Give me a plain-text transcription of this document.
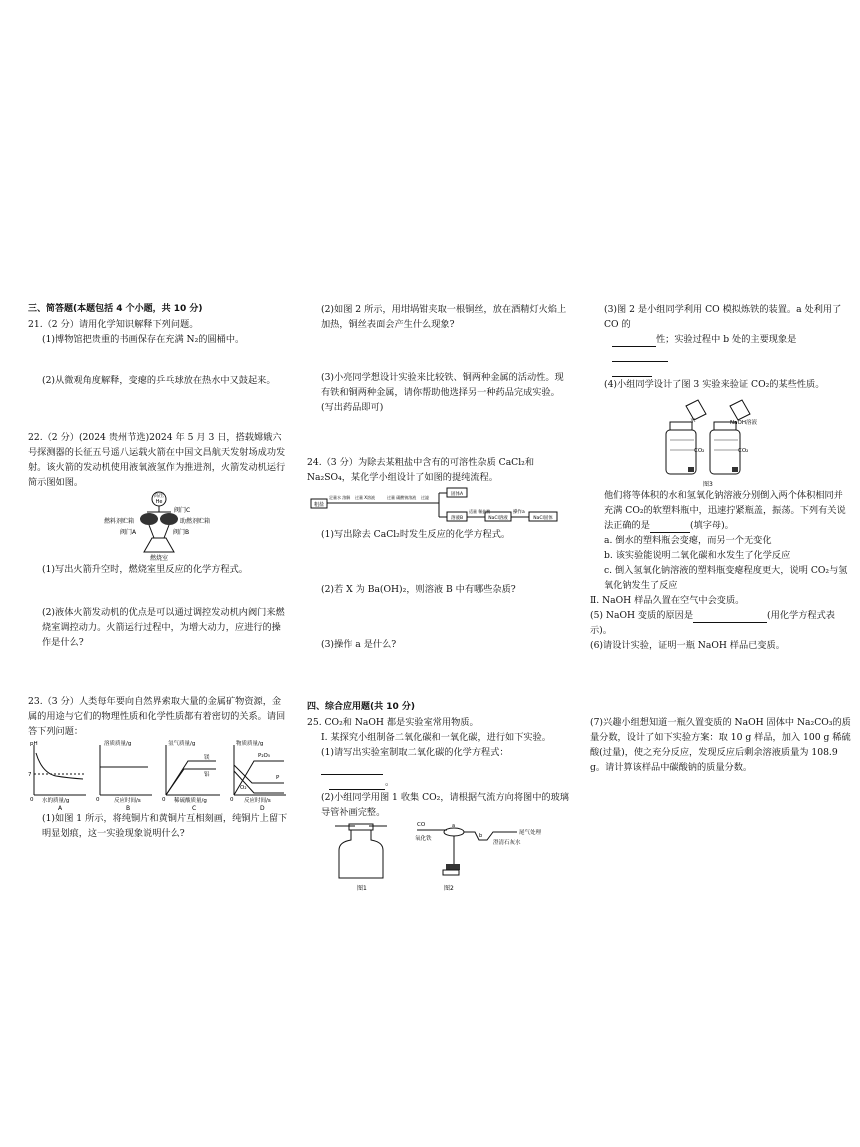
三、简答题(本题包括 4 个小题，共 10 分)

21.（2 分）请用化学知识解释下列问题。

(1)博物馆把贵重的书画保存在充满 N₂的圆桶中。

(2)从微观角度解释，变瘪的乒乓球放在热水中又鼓起来。

22.（2 分）(2024 贵州节选)2024 年 5 月 3 日，搭载嫦娥六号探测器的长征五号遥八运载火箭在中国文昌航天发射场成功发射。该火箭的发动机使用液氧液氢作为推进剂，火箭发动机运行简示图如图。

高压
He
阀门C
燃料剂贮箱	助燃剂贮箱
阀门A	阀门B
燃烧室

(1)写出火箭升空时，燃烧室里反应的化学方程式。

(2)液体火箭发动机的优点是可以通过调控发动机内阀门来燃烧室调控动力。火箭运行过程中，为增大动力，应进行的操作是什么?

23.（3 分）人类每年要向自然界索取大量的金属矿物资源，金属的用途与它们的物理性质和化学性质都有着密切的关系。请回答下列问题：

pH
7
0 水的质量/g
A
溶质质量/g
0	反应时间/s
B
氢气质量/g
镁
铝
0 稀硫酸质量/g
C
物质质量/g
P₂O₅
P
O₂
0 反应时间/s
D

(1)如图 1 所示，将纯铜片和黄铜片互相刻画，纯铜片上留下明显划痕，这一实验现象说明什么?

(2)如图 2 所示，用坩埚钳夹取一根铜丝，放在酒精灯火焰上加热，铜丝表面会产生什么现象?

(3)小亮同学想设计实验来比较铁、铜两种金属的活动性。现有铁和铜两种金属，请你帮助他选择另一种药品完成实验。(写出药品即可)

24.（3 分）为除去某粗盐中含有的可溶性杂质 CaCl₂和 Na₂SO₄，某化学小组设计了如图的提纯流程。

粗盐
足量水 溶解 过量 X溶液	过量 碳酸钠溶液 过滤
固体A
溶液B
适量 稀盐酸
NaCl溶液
操作a
NaCl固体

(1)写出除去 CaCl₂时发生反应的化学方程式。

(2)若 X 为 Ba(OH)₂，则溶液 B 中有哪些杂质?

(3)操作 a 是什么?

四、综合应用题(共 10 分)

25. CO₂和 NaOH 都是实验室常用物质。

Ⅰ. 某探究小组制备二氧化碳和一氧化碳，进行如下实验。

(1)请写出实验室制取二氧化碳的化学方程式：

。

(2)小组同学用图 1 收集 CO₂，请根据气流方向将图中的玻璃导管补画完整。

图1
CO	a
b	尾气处理
氧化铁
澄清石灰水
图2

(3)图 2 是小组同学利用 CO 模拟炼铁的装置。a 处利用了 CO 的

性；实验过程中 b 处的主要现象是

(4)小组同学设计了图 3 实验来验证 CO₂的某些性质。

水
CO₂
NaOH溶液
CO₂
图3

他们将等体积的水和氢氧化钠溶液分别倒入两个体积相同并充满 CO₂的软塑料瓶中，迅速拧紧瓶盖，振荡。下列有关说法正确的是	(填字母)。

a. 倒水的塑料瓶会变瘪，而另一个无变化

b. 该实验能说明二氧化碳和水发生了化学反应

c. 倒入氢氧化钠溶液的塑料瓶变瘪程度更大，说明 CO₂与氢氧化钠发生了反应

Ⅱ. NaOH 样品久置在空气中会变质。

(5) NaOH 变质的原因是	(用化学方程式表示)。

(6)请设计实验，证明一瓶 NaOH 样品已变质。

(7)兴趣小组想知道一瓶久置变质的 NaOH 固体中 Na₂CO₃的质量分数，设计了如下实验方案：取 10 g 样品，加入 100 g 稀硫酸(过量)，使之充分反应，发现反应后剩余溶液质量为 108.9 g。请计算该样品中碳酸钠的质量分数。
